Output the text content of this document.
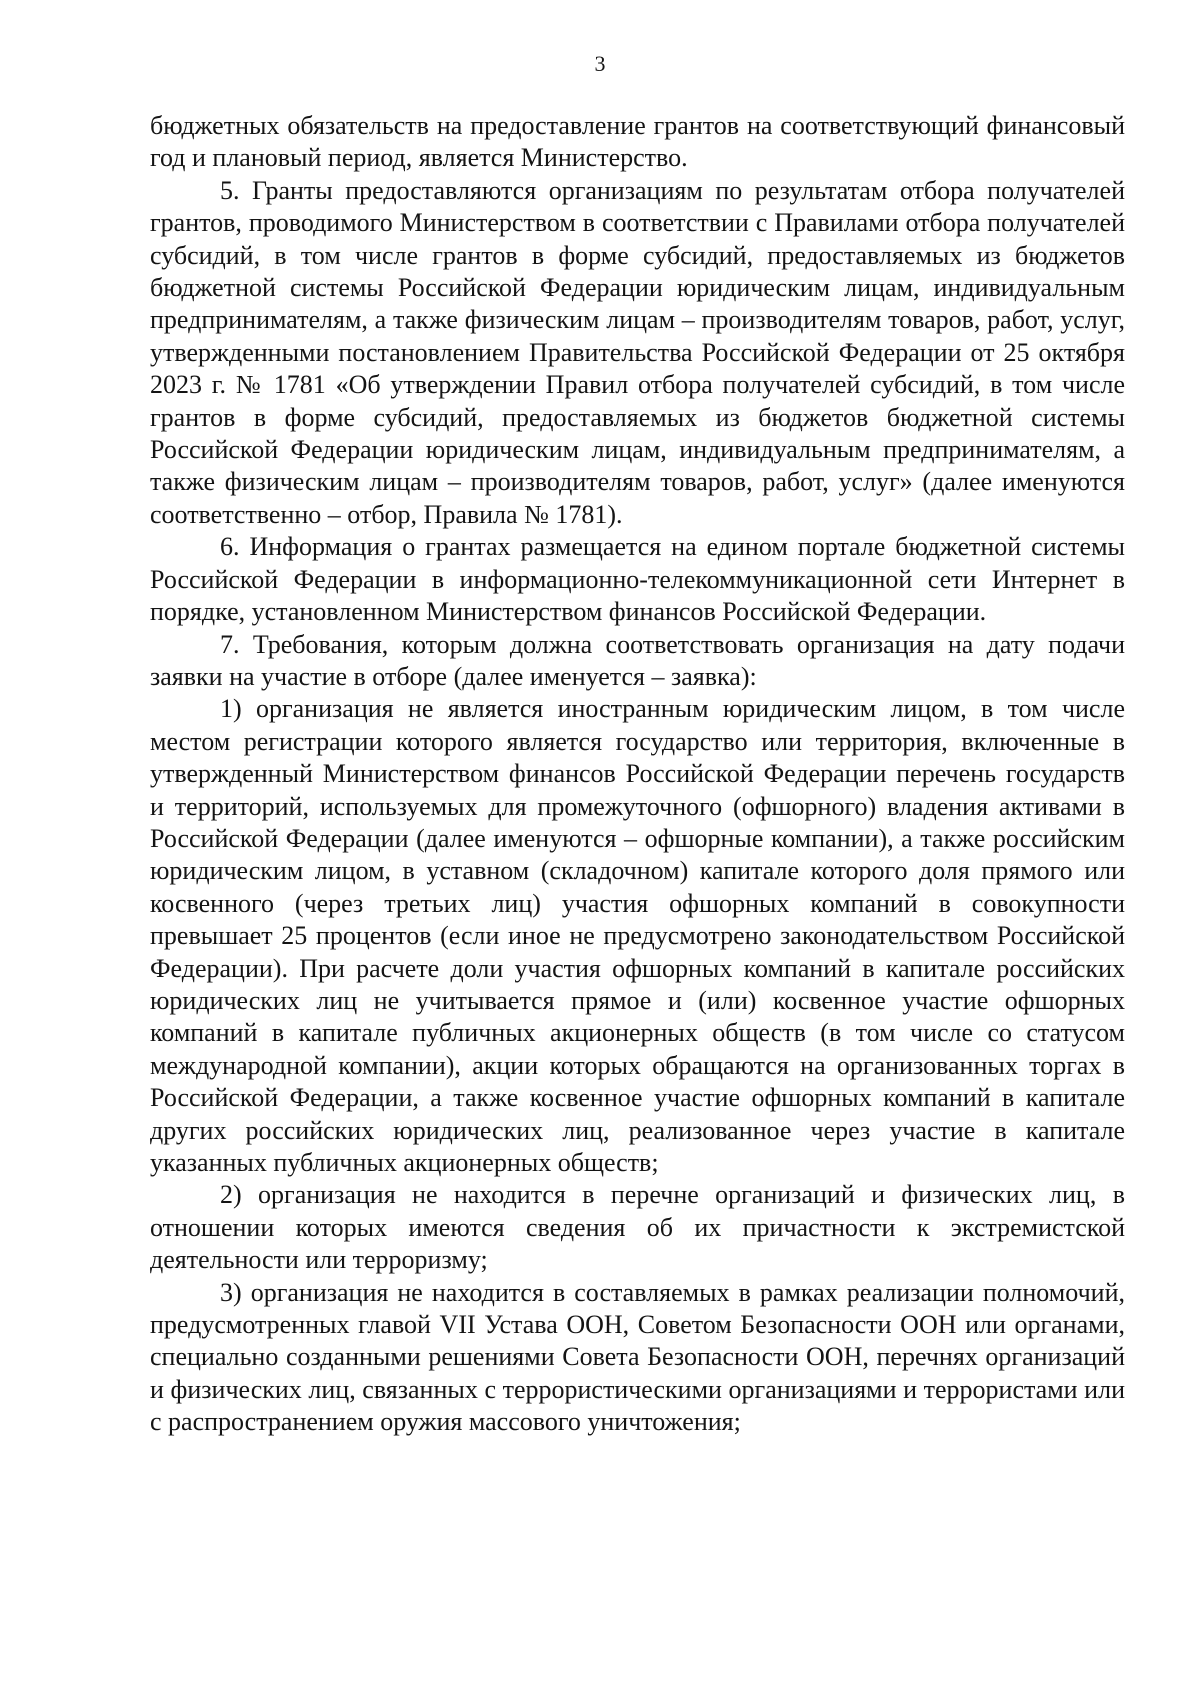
3

бюджетных обязательств на предоставление грантов на соответствующий финансовый год и плановый период, является Министерство.

5. Гранты предоставляются организациям по результатам отбора получателей грантов, проводимого Министерством в соответствии с Правилами отбора получателей субсидий, в том числе грантов в форме субсидий, предоставляемых из бюджетов бюджетной системы Российской Федерации юридическим лицам, индивидуальным предпринимателям, а также физическим лицам – производителям товаров, работ, услуг, утвержденными постановлением Правительства Российской Федерации от 25 октября 2023 г. № 1781 «Об утверждении Правил отбора получателей субсидий, в том числе грантов в форме субсидий, предоставляемых из бюджетов бюджетной системы Российской Федерации юридическим лицам, индивидуальным предпринимателям, а также физическим лицам – производителям товаров, работ, услуг» (далее именуются соответственно – отбор, Правила № 1781).

6. Информация о грантах размещается на едином портале бюджетной системы Российской Федерации в информационно-телекоммуникационной сети Интернет в порядке, установленном Министерством финансов Российской Федерации.

7. Требования, которым должна соответствовать организация на дату подачи заявки на участие в отборе (далее именуется – заявка):

1) организация не является иностранным юридическим лицом, в том числе местом регистрации которого является государство или территория, включенные в утвержденный Министерством финансов Российской Федерации перечень государств и территорий, используемых для промежуточного (офшорного) владения активами в Российской Федерации (далее именуются – офшорные компании), а также российским юридическим лицом, в уставном (складочном) капитале которого доля прямого или косвенного (через третьих лиц) участия офшорных компаний в совокупности превышает 25 процентов (если иное не предусмотрено законодательством Российской Федерации). При расчете доли участия офшорных компаний в капитале российских юридических лиц не учитывается прямое и (или) косвенное участие офшорных компаний в капитале публичных акционерных обществ (в том числе со статусом международной компании), акции которых обращаются на организованных торгах в Российской Федерации, а также косвенное участие офшорных компаний в капитале других российских юридических лиц, реализованное через участие в капитале указанных публичных акционерных обществ;

2) организация не находится в перечне организаций и физических лиц, в отношении которых имеются сведения об их причастности к экстремистской деятельности или терроризму;

3) организация не находится в составляемых в рамках реализации полномочий, предусмотренных главой VII Устава ООН, Советом Безопасности ООН или органами, специально созданными решениями Совета Безопасности ООН, перечнях организаций и физических лиц, связанных с террористическими организациями и террористами или с распространением оружия массового уничтожения;
